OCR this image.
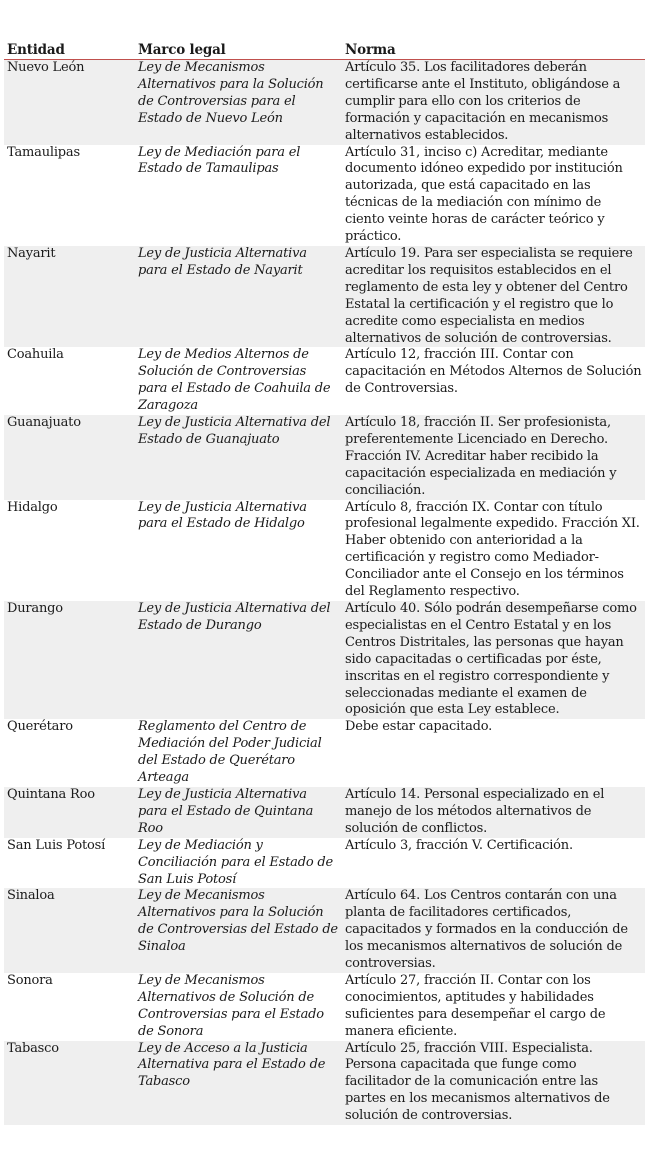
Entidad	Marco legal	Norma
Nuevo León	Ley de Mecanismos Alternativos para la Solución de Controversias para el Estado de Nuevo León	Artículo 35. Los facilitadores deberán certificarse ante el Instituto, obligándose a cumplir para ello con los criterios de formación y capacitación en mecanismos alternativos establecidos.
Tamaulipas	Ley de Mediación para el Estado de Tamaulipas	Artículo 31, inciso c) Acreditar, mediante documento idóneo expedido por institución autorizada, que está capacitado en las técnicas de la mediación con mínimo de ciento veinte horas de carácter teórico y práctico.
Nayarit	Ley de Justicia Alternativa para el Estado de Nayarit	Artículo 19. Para ser especialista se requiere acreditar los requisitos establecidos en el reglamento de esta ley y obtener del Centro Estatal la certificación y el registro que lo acredite como especialista en medios alternativos de solución de controversias.
Coahuila	Ley de Medios Alternos de Solución de Controversias para el Estado de Coahuila de Zaragoza	Artículo 12, fracción III. Contar con capacitación en Métodos Alternos de Solución de Controversias.
Guanajuato	Ley de Justicia Alternativa del Estado de Guanajuato	Artículo 18, fracción II. Ser profesionista, preferentemente Licenciado en Derecho. Fracción IV. Acreditar haber recibido la capacitación especializada en mediación y conciliación.
Hidalgo	Ley de Justicia Alternativa para el Estado de Hidalgo	Artículo 8, fracción IX. Contar con título profesional legalmente expedido. Fracción XI. Haber obtenido con anterioridad a la certificación y registro como Mediador-Conciliador ante el Consejo en los términos del Reglamento respectivo.
Durango	Ley de Justicia Alternativa del Estado de Durango	Artículo 40. Sólo podrán desempeñarse como especialistas en el Centro Estatal y en los Centros Distritales, las personas que hayan sido capacitadas o certificadas por éste, inscritas en el registro correspondiente y seleccionadas mediante el examen de oposición que esta Ley establece.
Querétaro	Reglamento del Centro de Mediación del Poder Judicial del Estado de Querétaro Arteaga	Debe estar capacitado.
Quintana Roo	Ley de Justicia Alternativa para el Estado de Quintana Roo	Artículo 14. Personal especializado en el manejo de los métodos alternativos de solución de conflictos.
San Luis Potosí	Ley de Mediación y Conciliación para el Estado de San Luis Potosí	Artículo 3, fracción V. Certificación.
Sinaloa	Ley de Mecanismos Alternativos para la Solución de Controversias del Estado de Sinaloa	Artículo 64. Los Centros contarán con una planta de facilitadores certificados, capacitados y formados en la conducción de los mecanismos alternativos de solución de controversias.
Sonora	Ley de Mecanismos Alternativos de Solución de Controversias para el Estado de Sonora	Artículo 27, fracción II. Contar con los conocimientos, aptitudes y habilidades suficientes para desempeñar el cargo de manera eficiente.
Tabasco	Ley de Acceso a la Justicia Alternativa para el Estado de Tabasco	Artículo 25, fracción VIII. Especialista. Persona capacitada que funge como facilitador de la comunicación entre las partes en los mecanismos alternativos de solución de controversias.
